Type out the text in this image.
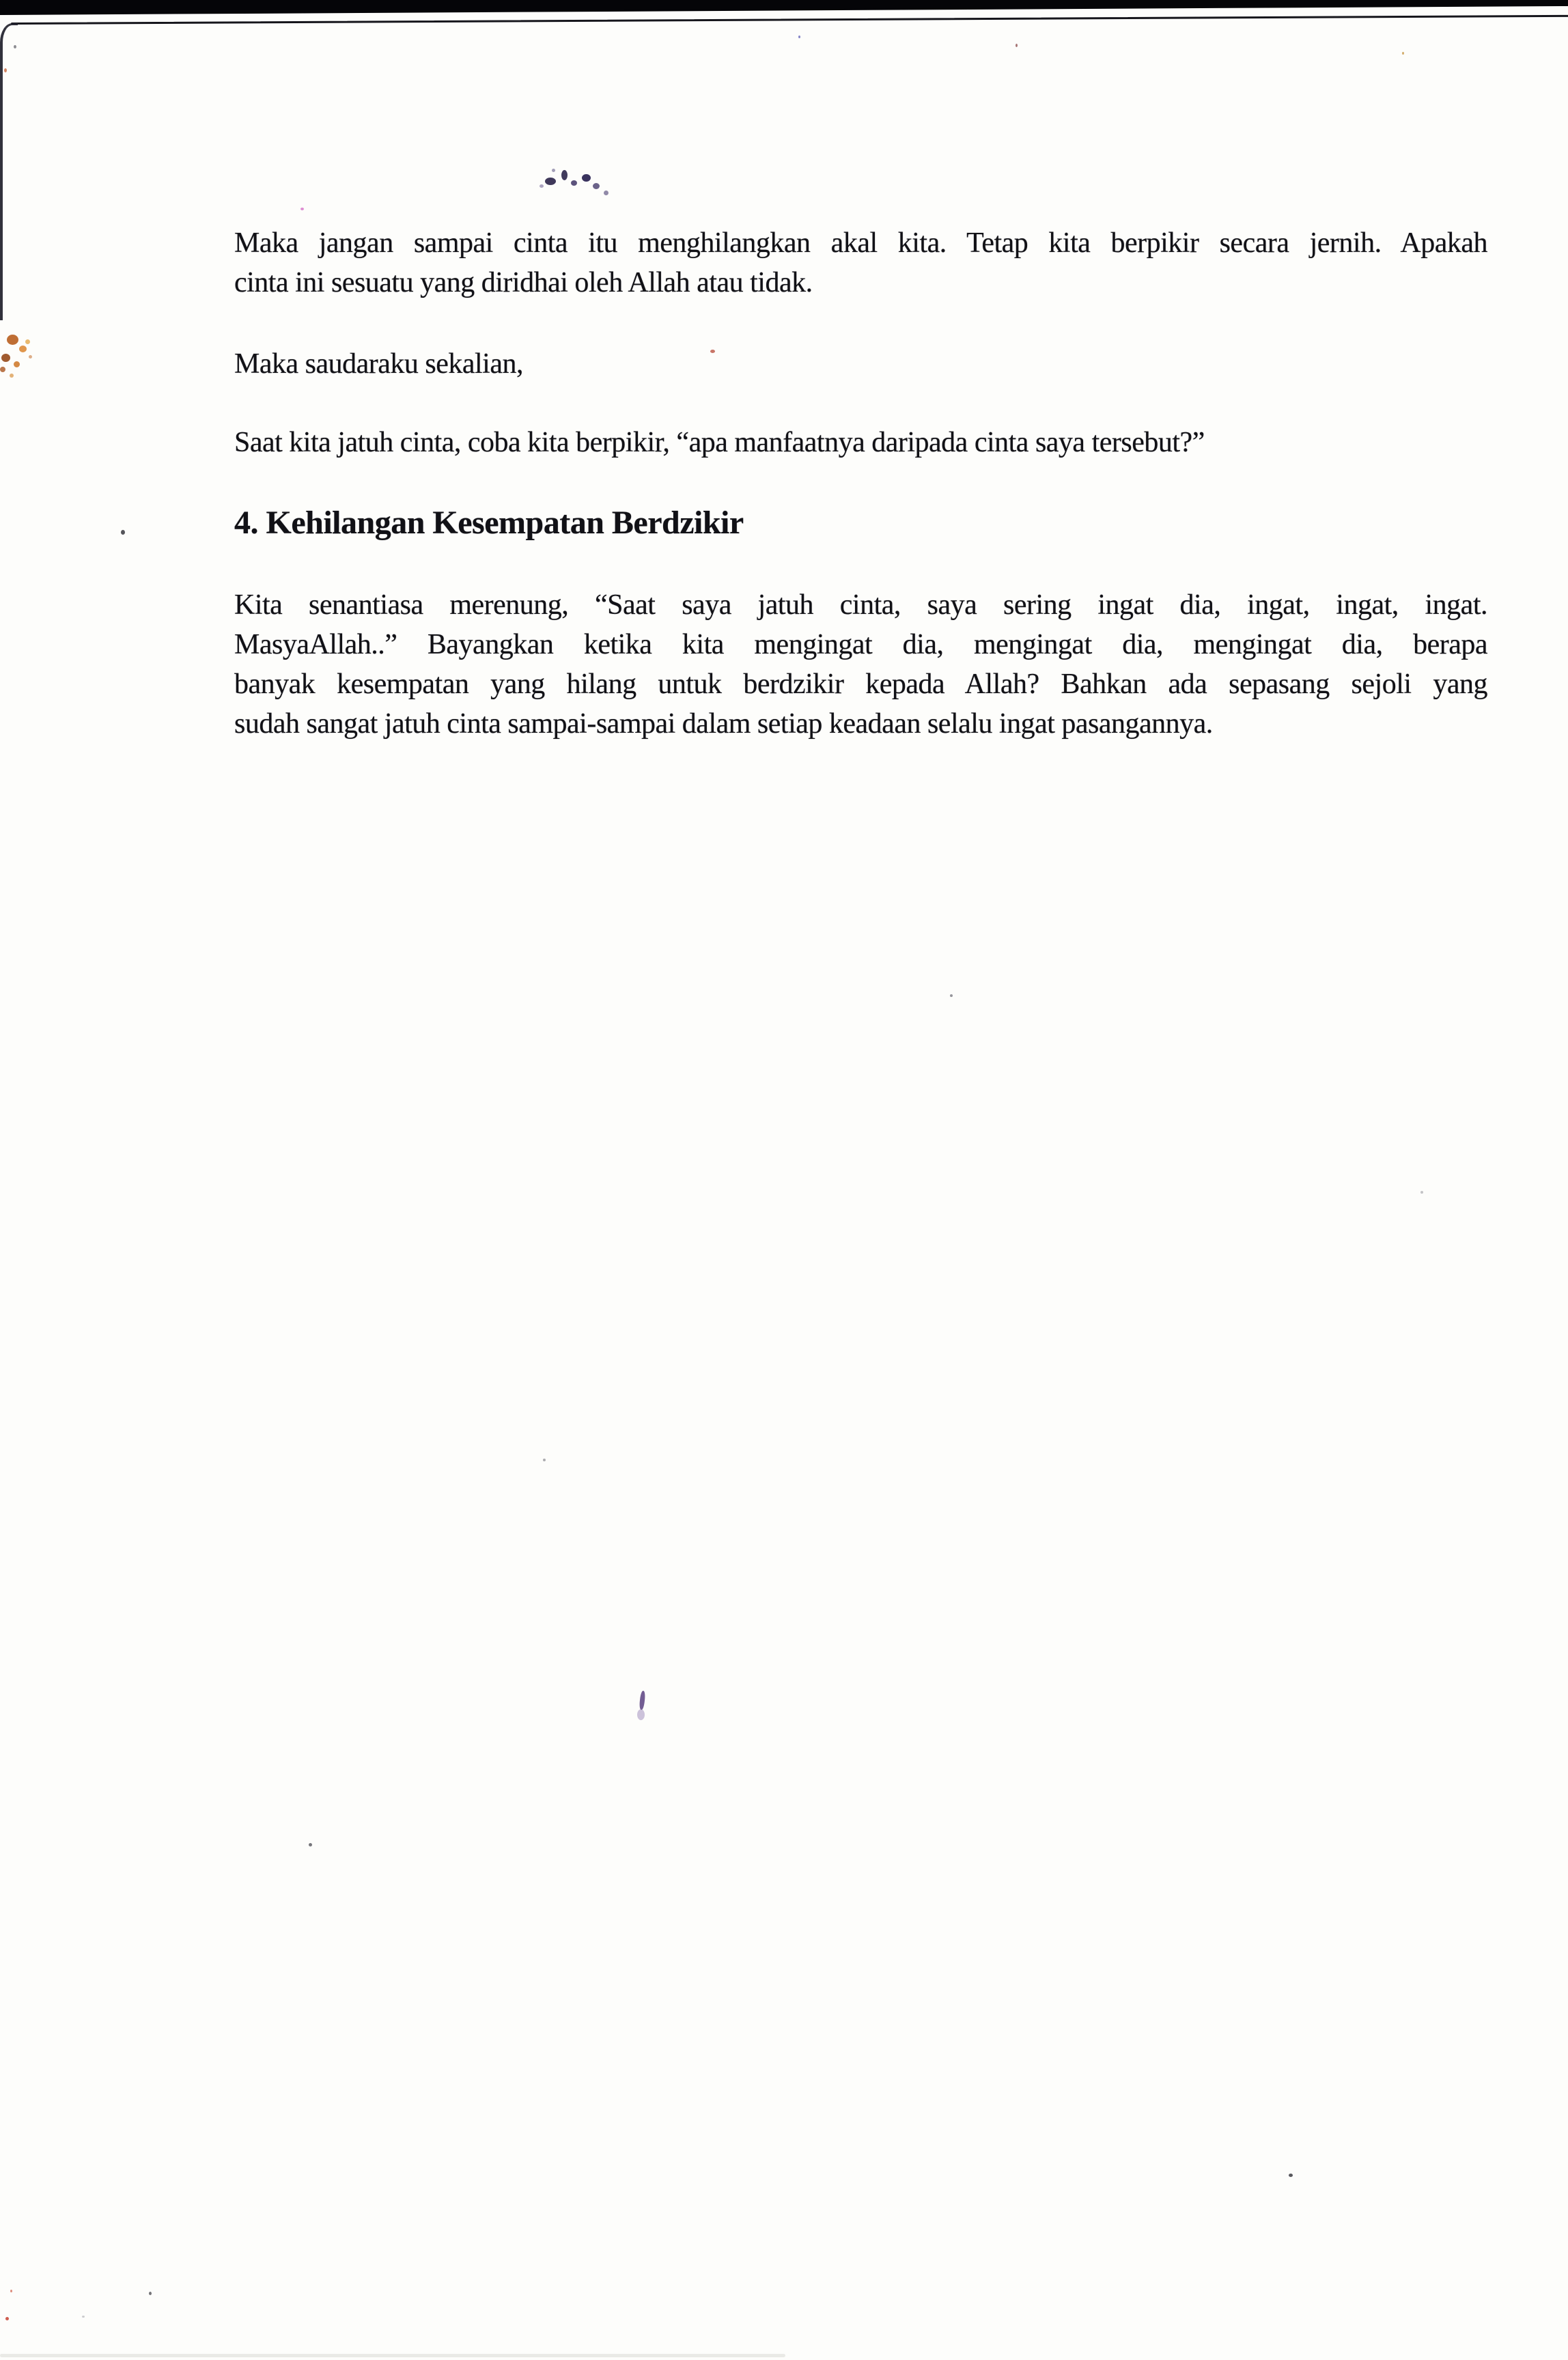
Maka jangan sampai cinta itu menghilangkan akal kita. Tetap kita berpikir secara jernih. Apakah
cinta ini sesuatu yang diridhai oleh Allah atau tidak.
Maka saudaraku sekalian,
Saat kita jatuh cinta, coba kita berpikir, “apa manfaatnya daripada cinta saya tersebut?”
4. Kehilangan Kesempatan Berdzikir
Kita senantiasa merenung, “Saat saya jatuh cinta, saya sering ingat dia, ingat, ingat, ingat.
MasyaAllah..” Bayangkan ketika kita mengingat dia, mengingat dia, mengingat dia, berapa
banyak kesempatan yang hilang untuk berdzikir kepada Allah? Bahkan ada sepasang sejoli yang
sudah sangat jatuh cinta sampai-sampai dalam setiap keadaan selalu ingat pasangannya.
